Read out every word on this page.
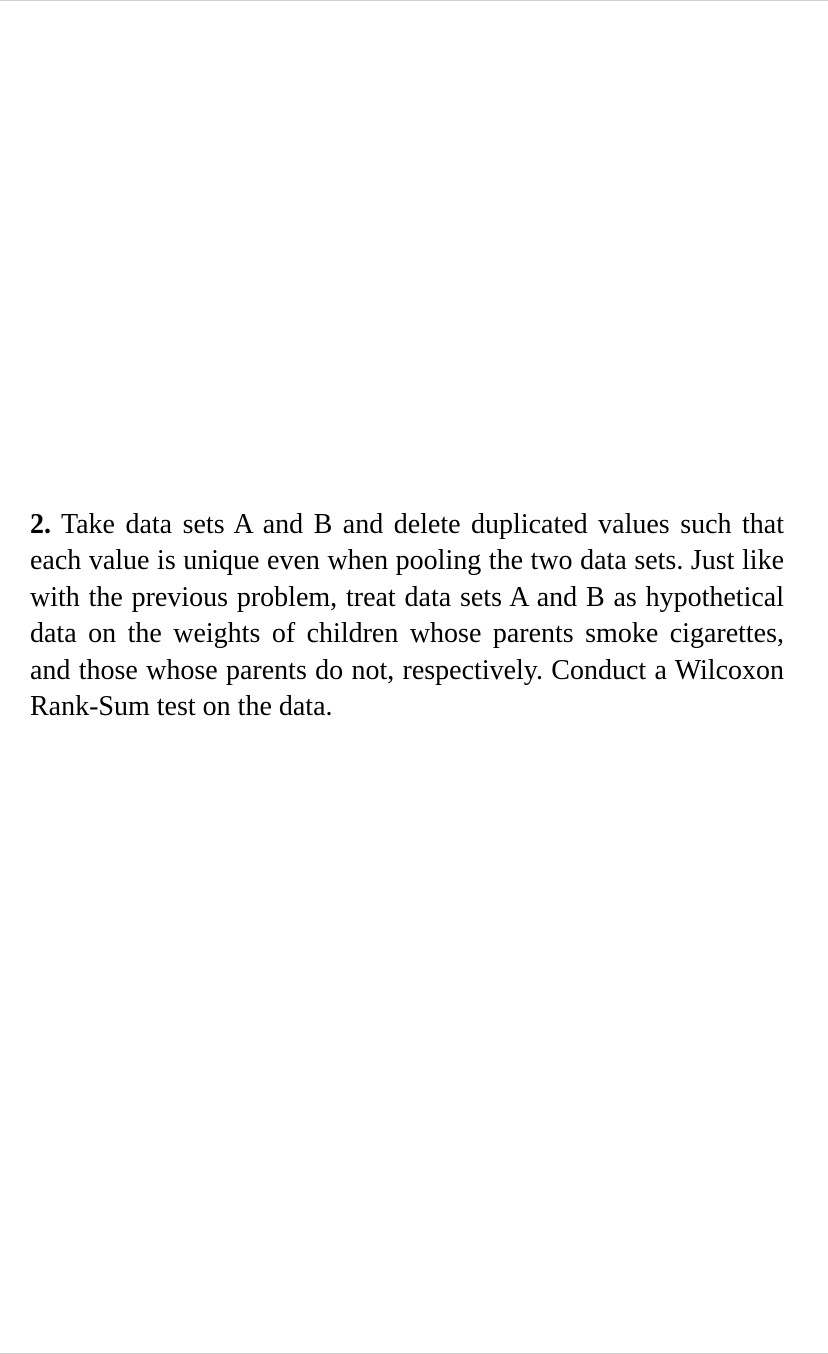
2. Take data sets A and B and delete duplicated values such that each value is unique even when pooling the two data sets. Just like with the previous problem, treat data sets A and B as hypothetical data on the weights of children whose parents smoke cigarettes, and those whose parents do not, respectively. Conduct a Wilcoxon Rank-Sum test on the data.
